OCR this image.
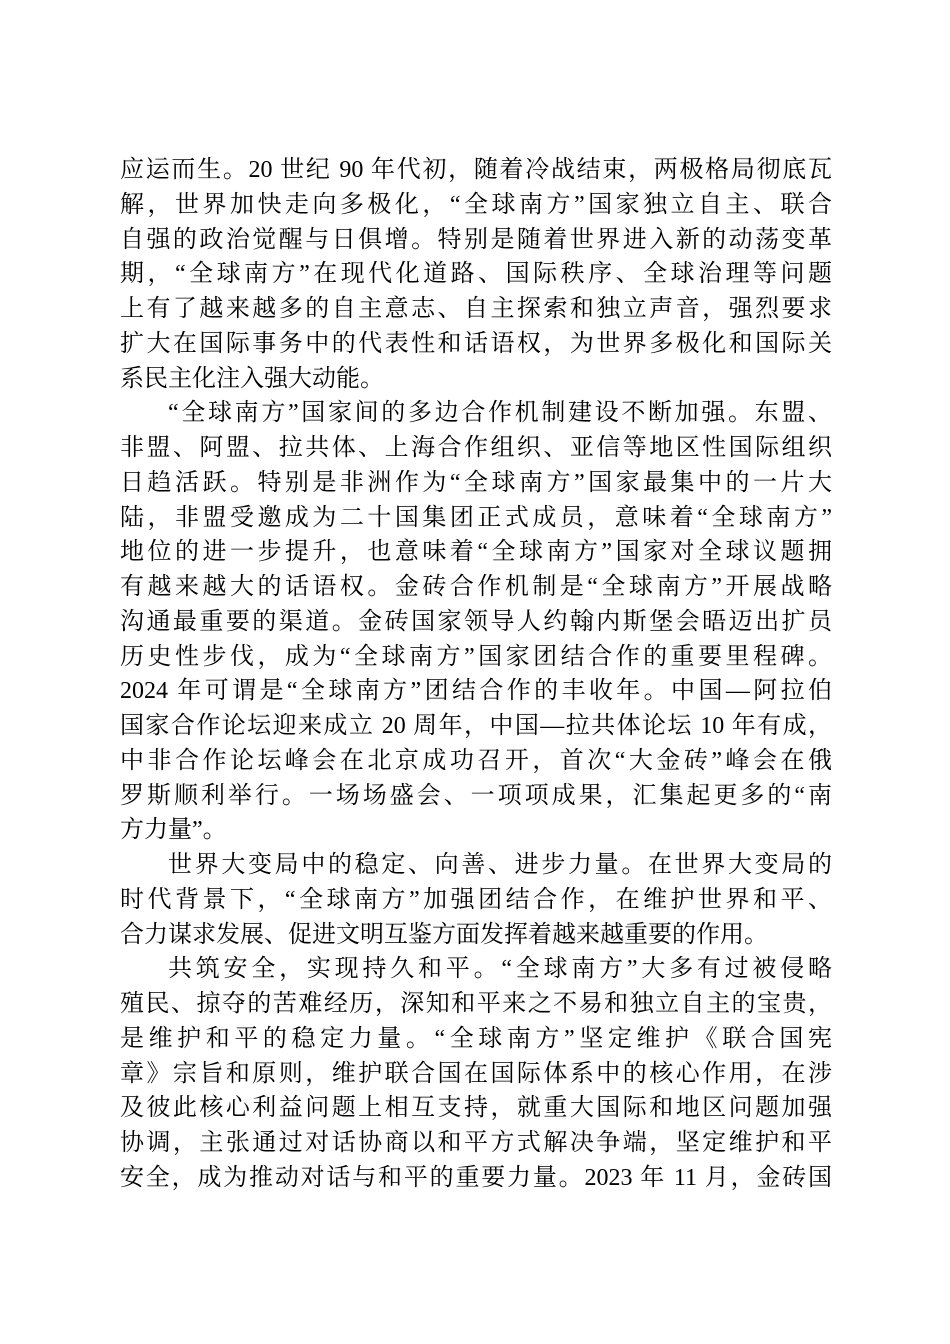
应运而生。20 世纪 90 年代初，随着冷战结束，两极格局彻底瓦
解，世界加快走向多极化，“全球南方”国家独立自主、联合
自强的政治觉醒与日俱增。特别是随着世界进入新的动荡变革
期，“全球南方”在现代化道路、国际秩序、全球治理等问题
上有了越来越多的自主意志、自主探索和独立声音，强烈要求
扩大在国际事务中的代表性和话语权，为世界多极化和国际关
系民主化注入强大动能。
“全球南方”国家间的多边合作机制建设不断加强。东盟、
非盟、阿盟、拉共体、上海合作组织、亚信等地区性国际组织
日趋活跃。特别是非洲作为“全球南方”国家最集中的一片大
陆，非盟受邀成为二十国集团正式成员，意味着“全球南方”
地位的进一步提升，也意味着“全球南方”国家对全球议题拥
有越来越大的话语权。金砖合作机制是“全球南方”开展战略
沟通最重要的渠道。金砖国家领导人约翰内斯堡会晤迈出扩员
历史性步伐，成为“全球南方”国家团结合作的重要里程碑。
2024 年可谓是“全球南方”团结合作的丰收年。中国—阿拉伯
国家合作论坛迎来成立 20 周年，中国—拉共体论坛 10 年有成，
中非合作论坛峰会在北京成功召开，首次“大金砖”峰会在俄
罗斯顺利举行。一场场盛会、一项项成果，汇集起更多的“南
方力量”。
世界大变局中的稳定、向善、进步力量。在世界大变局的
时代背景下，“全球南方”加强团结合作，在维护世界和平、
合力谋求发展、促进文明互鉴方面发挥着越来越重要的作用。
共筑安全，实现持久和平。“全球南方”大多有过被侵略
殖民、掠夺的苦难经历，深知和平来之不易和独立自主的宝贵，
是维护和平的稳定力量。“全球南方”坚定维护《联合国宪
章》宗旨和原则，维护联合国在国际体系中的核心作用，在涉
及彼此核心利益问题上相互支持，就重大国际和地区问题加强
协调，主张通过对话协商以和平方式解决争端，坚定维护和平
安全，成为推动对话与和平的重要力量。2023 年 11 月，金砖国
